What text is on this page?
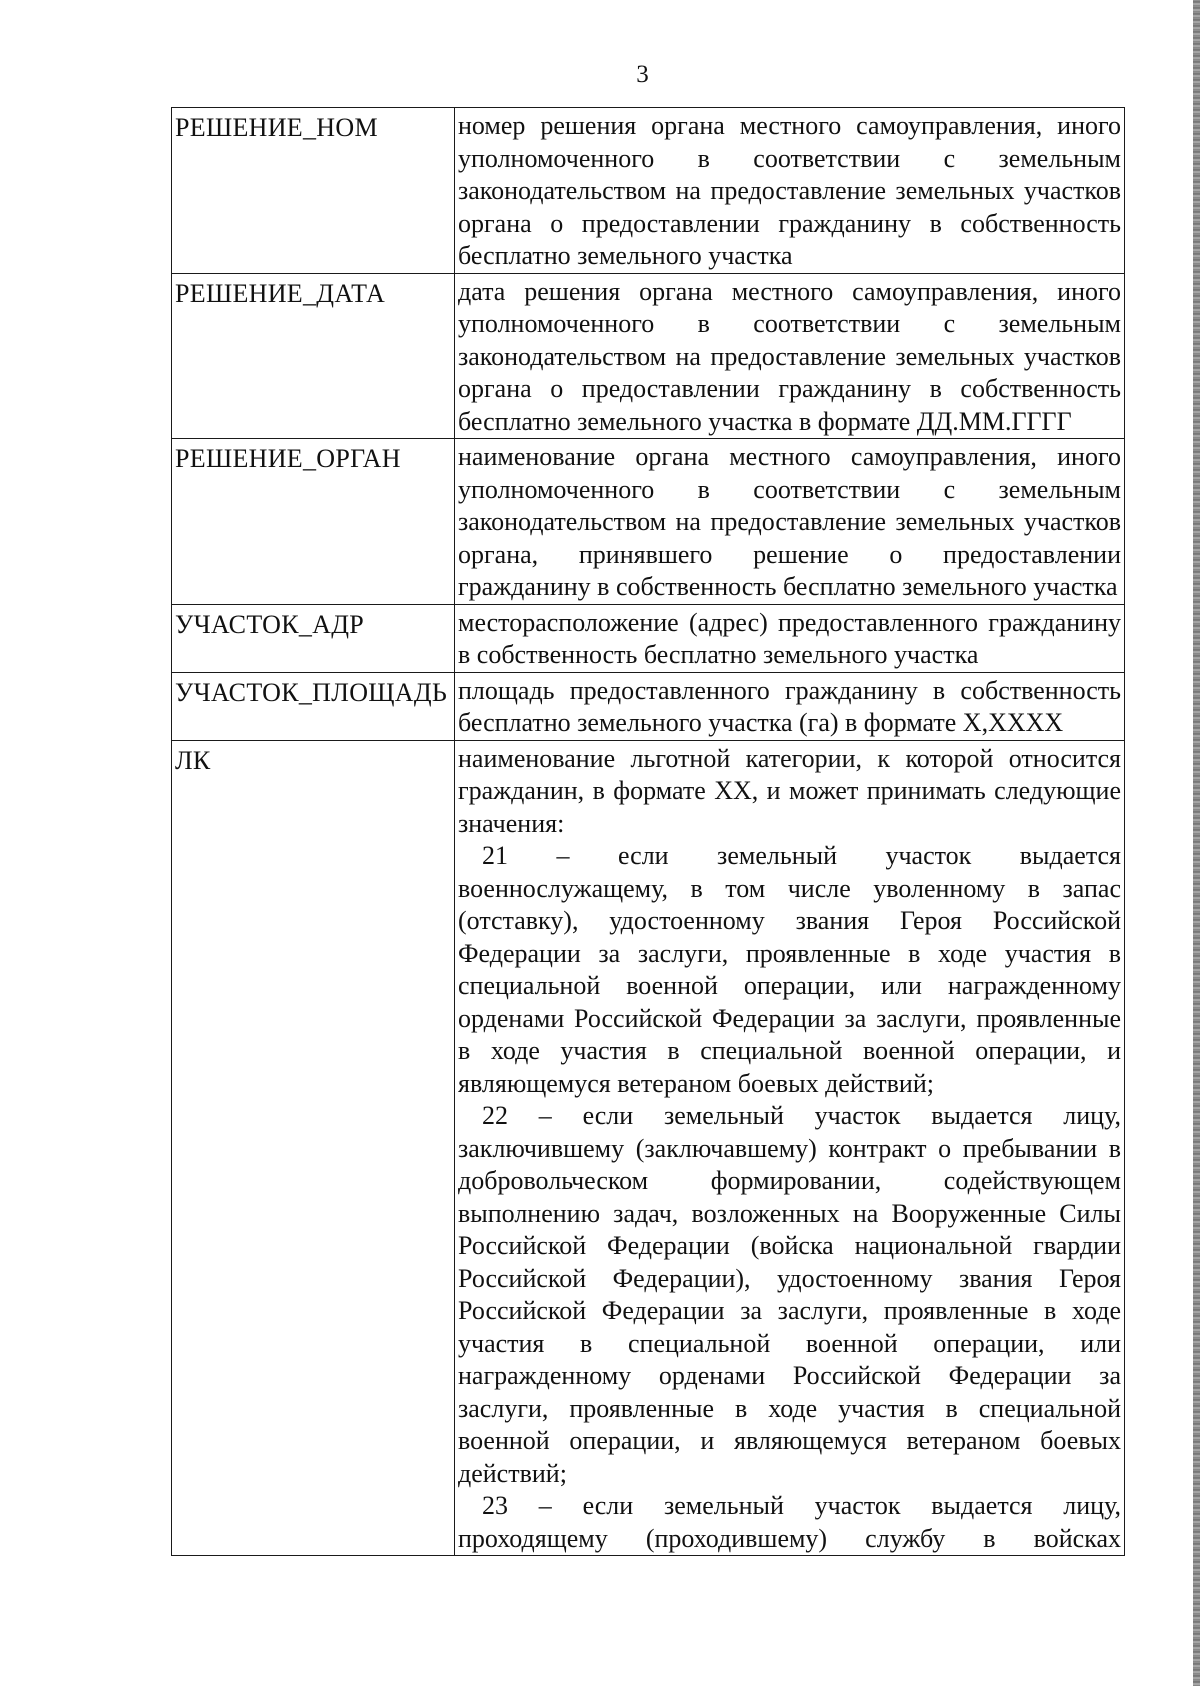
3
РЕШЕНИЕ_НОМ	номер решения органа местного самоуправления, иного уполномоченного в соответствии с земельным законодательством на предоставление земельных участков органа о предоставлении гражданину в собственность бесплатно земельного участка

РЕШЕНИЕ_ДАТА	дата решения органа местного самоуправления, иного уполномоченного в соответствии с земельным законодательством на предоставление земельных участков органа о предоставлении гражданину в собственность бесплатно земельного участка в формате ДД.ММ.ГГГГ

РЕШЕНИЕ_ОРГАН	наименование органа местного самоуправления, иного уполномоченного в соответствии с земельным законодательством на предоставление земельных участков органа, принявшего решение о предоставлении гражданину в собственность бесплатно земельного участка

УЧАСТОК_АДР	месторасположение (адрес) предоставленного гражданину в собственность бесплатно земельного участка

УЧАСТОК_ПЛОЩАДЬ	площадь предоставленного гражданину в собственность бесплатно земельного участка (га) в формате Х,ХХХХ

ЛК	наименование льготной категории, к которой относится гражданин, в формате ХХ, и может принимать следующие значения:
21 – если земельный участок выдается военнослужащему, в том числе уволенному в запас (отставку), удостоенному звания Героя Российской Федерации за заслуги, проявленные в ходе участия в специальной военной операции, или награжденному орденами Российской Федерации за заслуги, проявленные в ходе участия в специальной военной операции, и являющемуся ветераном боевых действий;
22 – если земельный участок выдается лицу, заключившему (заключавшему) контракт о пребывании в добровольческом формировании, содействующем выполнению задач, возложенных на Вооруженные Силы Российской Федерации (войска национальной гвардии Российской Федерации), удостоенному звания Героя Российской Федерации за заслуги, проявленные в ходе участия в специальной военной операции, или награжденному орденами Российской Федерации за заслуги, проявленные в ходе участия в специальной военной операции, и являющемуся ветераном боевых действий;
23 – если земельный участок выдается лицу, проходящему (проходившему) службу в войсках
